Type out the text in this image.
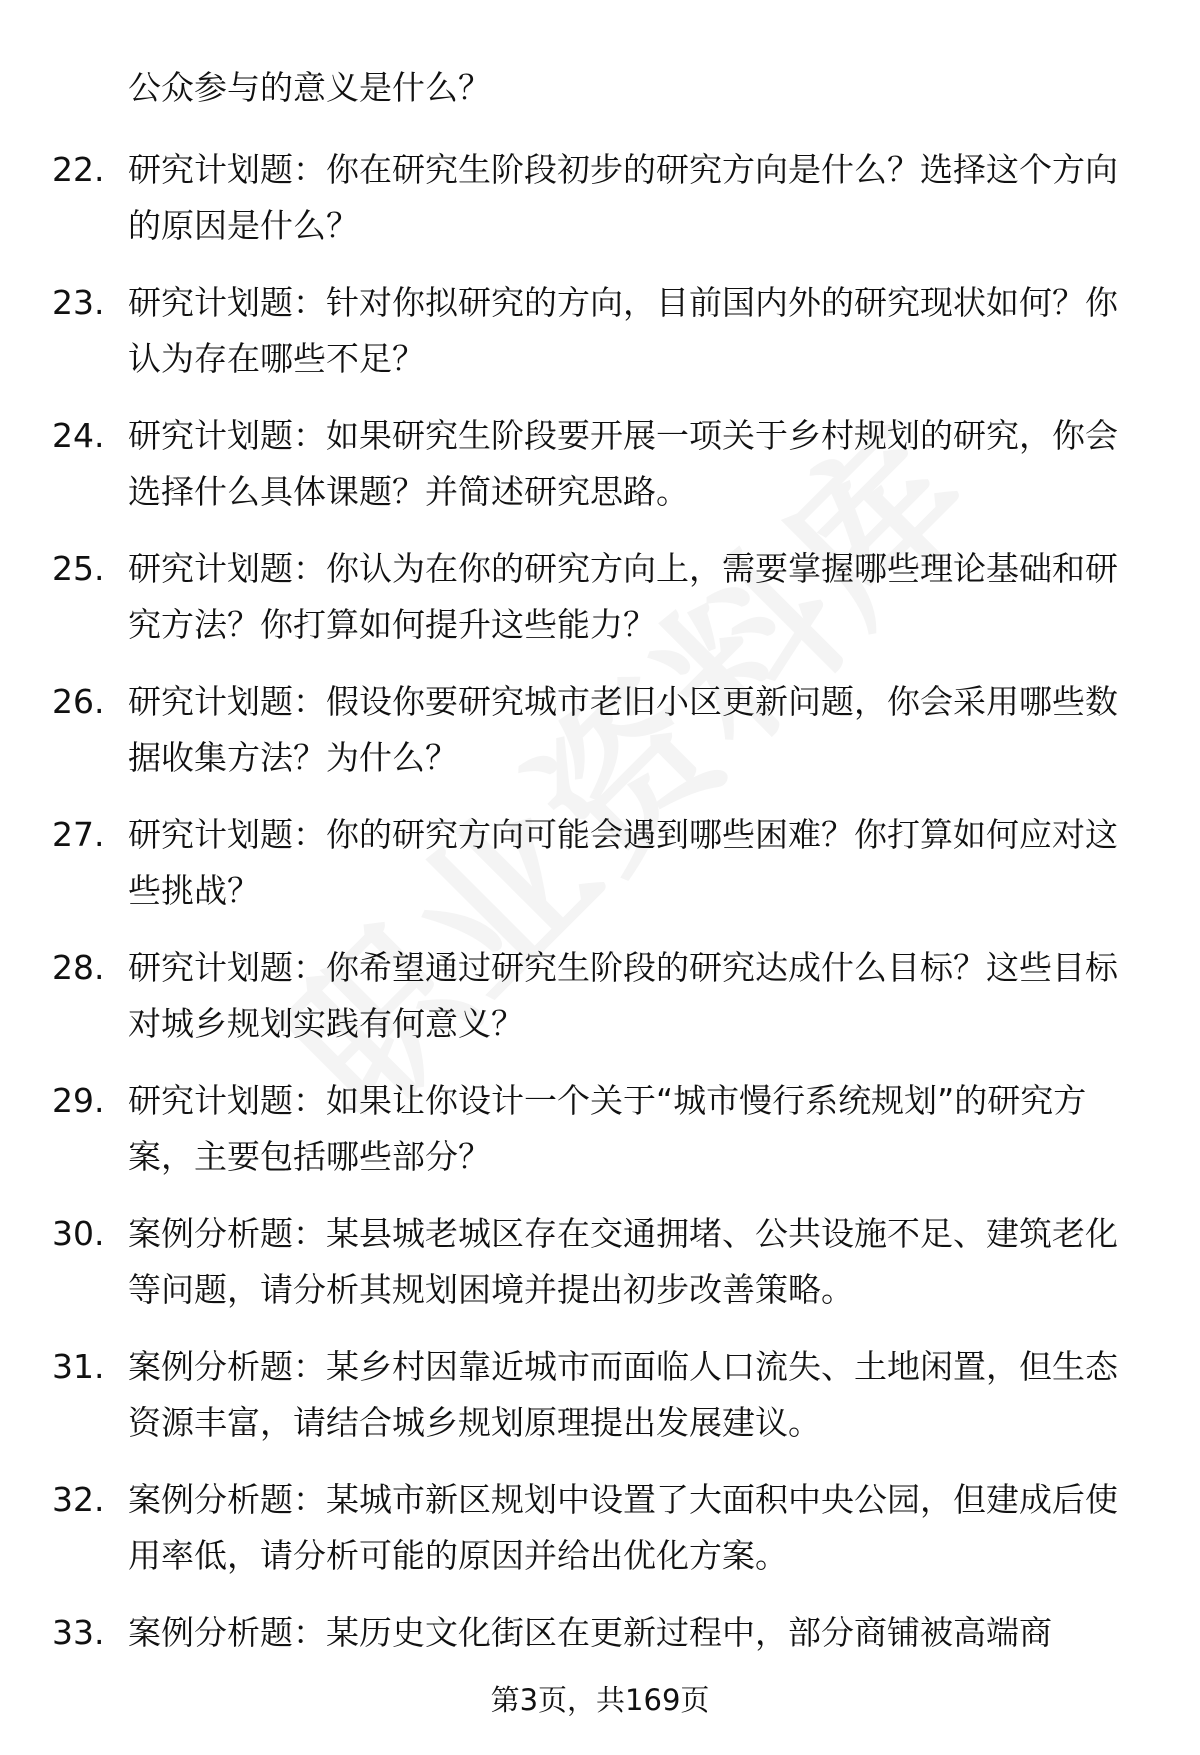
公众参与的意义是什么？
22. 研究计划题：你在研究生阶段初步的研究方向是什么？选择这个方向的原因是什么？
23. 研究计划题：针对你拟研究的方向，目前国内外的研究现状如何？你认为存在哪些不足？
24. 研究计划题：如果研究生阶段要开展一项关于乡村规划的研究，你会选择什么具体课题？并简述研究思路。
25. 研究计划题：你认为在你的研究方向上，需要掌握哪些理论基础和研究方法？你打算如何提升这些能力？
26. 研究计划题：假设你要研究城市老旧小区更新问题，你会采用哪些数据收集方法？为什么？
27. 研究计划题：你的研究方向可能会遇到哪些困难？你打算如何应对这些挑战？
28. 研究计划题：你希望通过研究生阶段的研究达成什么目标？这些目标对城乡规划实践有何意义？
29. 研究计划题：如果让你设计一个关于“城市慢行系统规划”的研究方案，主要包括哪些部分？
30. 案例分析题：某县城老城区存在交通拥堵、公共设施不足、建筑老化等问题，请分析其规划困境并提出初步改善策略。
31. 案例分析题：某乡村因靠近城市而面临人口流失、土地闲置，但生态资源丰富，请结合城乡规划原理提出发展建议。
32. 案例分析题：某城市新区规划中设置了大面积中央公园，但建成后使用率低，请分析可能的原因并给出优化方案。
33. 案例分析题：某历史文化街区在更新过程中，部分商铺被高端商
第3页，共169页
